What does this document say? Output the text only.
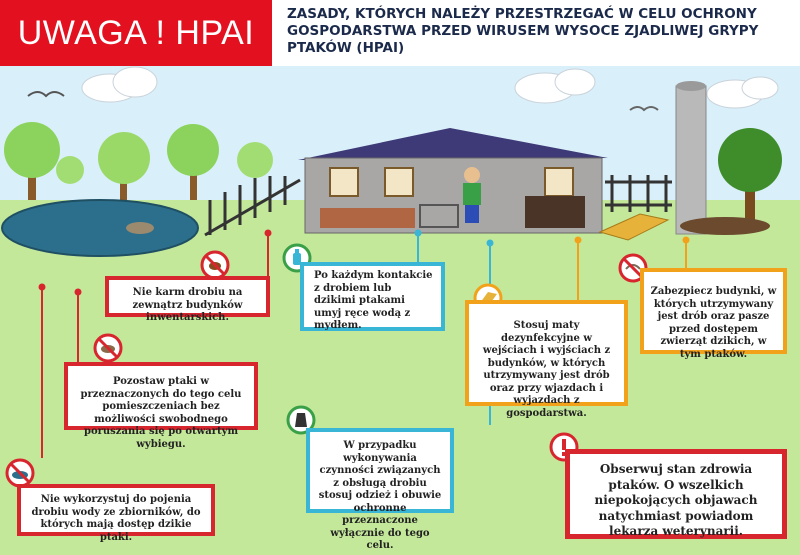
UWAGA ! HPAI	ZASADY, KTÓRYCH NALEŻY PRZESTRZEGAĆ W CELU OCHRONY GOSPODARSTWA PRZED WIRUSEM WYSOCE ZJADLIWEJ GRYPY PTAKÓW (HPAI)
Nie karm drobiu na zewnątrz budynków inwentarskich.
Po każdym kontakcie z drobiem lub dzikimi ptakami umyj ręce wodą z mydłem.	Stosuj maty dezynfekcyjne w wejściach i wyjściach z budynków, w których utrzymywany jest drób oraz przy wjazdach i wyjazdach z gospodarstwa.
Zabezpiecz budynki, w których utrzymywany jest drób oraz pasze przed dostępem zwierząt dzikich, w tym ptaków.
Pozostaw ptaki w przeznaczonych do tego celu pomieszczeniach bez możliwości swobodnego poruszania się po otwartym wybiegu.	W przypadku wykonywania czynności związanych z obsługą drobiu stosuj odzież i obuwie ochronne przeznaczone wyłącznie do tego celu.
Nie wykorzystuj do pojenia drobiu wody ze zbiorników, do których mają dostęp dzikie ptaki.
Obserwuj stan zdrowia ptaków. O wszelkich niepokojących objawach natychmiast powiadom lekarza weterynarii.
